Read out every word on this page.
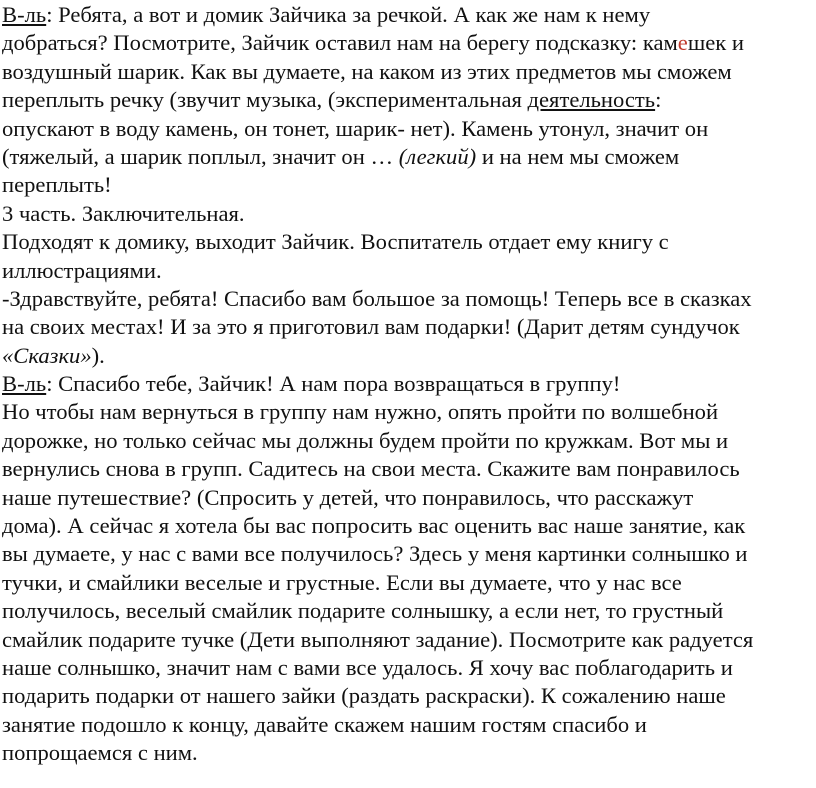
В-ль: Ребята, а вот и домик Зайчика за речкой. А как же нам к нему
добраться? Посмотрите, Зайчик оставил нам на берегу подсказку: камешек и
воздушный шарик. Как вы думаете, на каком из этих предметов мы сможем
переплыть речку (звучит музыка, (экспериментальная деятельность:
опускают в воду камень, он тонет, шарик- нет). Камень утонул, значит он
(тяжелый, а шарик поплыл, значит он … (легкий) и на нем мы сможем
переплыть!
3 часть. Заключительная.
Подходят к домику, выходит Зайчик. Воспитатель отдает ему книгу с
иллюстрациями.
-Здравствуйте, ребята! Спасибо вам большое за помощь! Теперь все в сказках
на своих местах! И за это я приготовил вам подарки! (Дарит детям сундучок
«Сказки»).
В-ль: Спасибо тебе, Зайчик! А нам пора возвращаться в группу!
Но чтобы нам вернуться в группу нам нужно, опять пройти по волшебной
дорожке, но только сейчас мы должны будем пройти по кружкам. Вот мы и
вернулись снова в групп. Садитесь на свои места. Скажите вам понравилось
наше путешествие? (Спросить у детей, что понравилось, что расскажут
дома). А сейчас я хотела бы вас попросить вас оценить вас наше занятие, как
вы думаете, у нас с вами все получилось? Здесь у меня картинки солнышко и
тучки, и смайлики веселые и грустные. Если вы думаете, что у нас все
получилось, веселый смайлик подарите солнышку, а если нет, то грустный
смайлик подарите тучке (Дети выполняют задание). Посмотрите как радуется
наше солнышко, значит нам с вами все удалось. Я хочу вас поблагодарить и
подарить подарки от нашего зайки (раздать раскраски). К сожалению наше
занятие подошло к концу, давайте скажем нашим гостям спасибо и
попрощаемся с ним.
